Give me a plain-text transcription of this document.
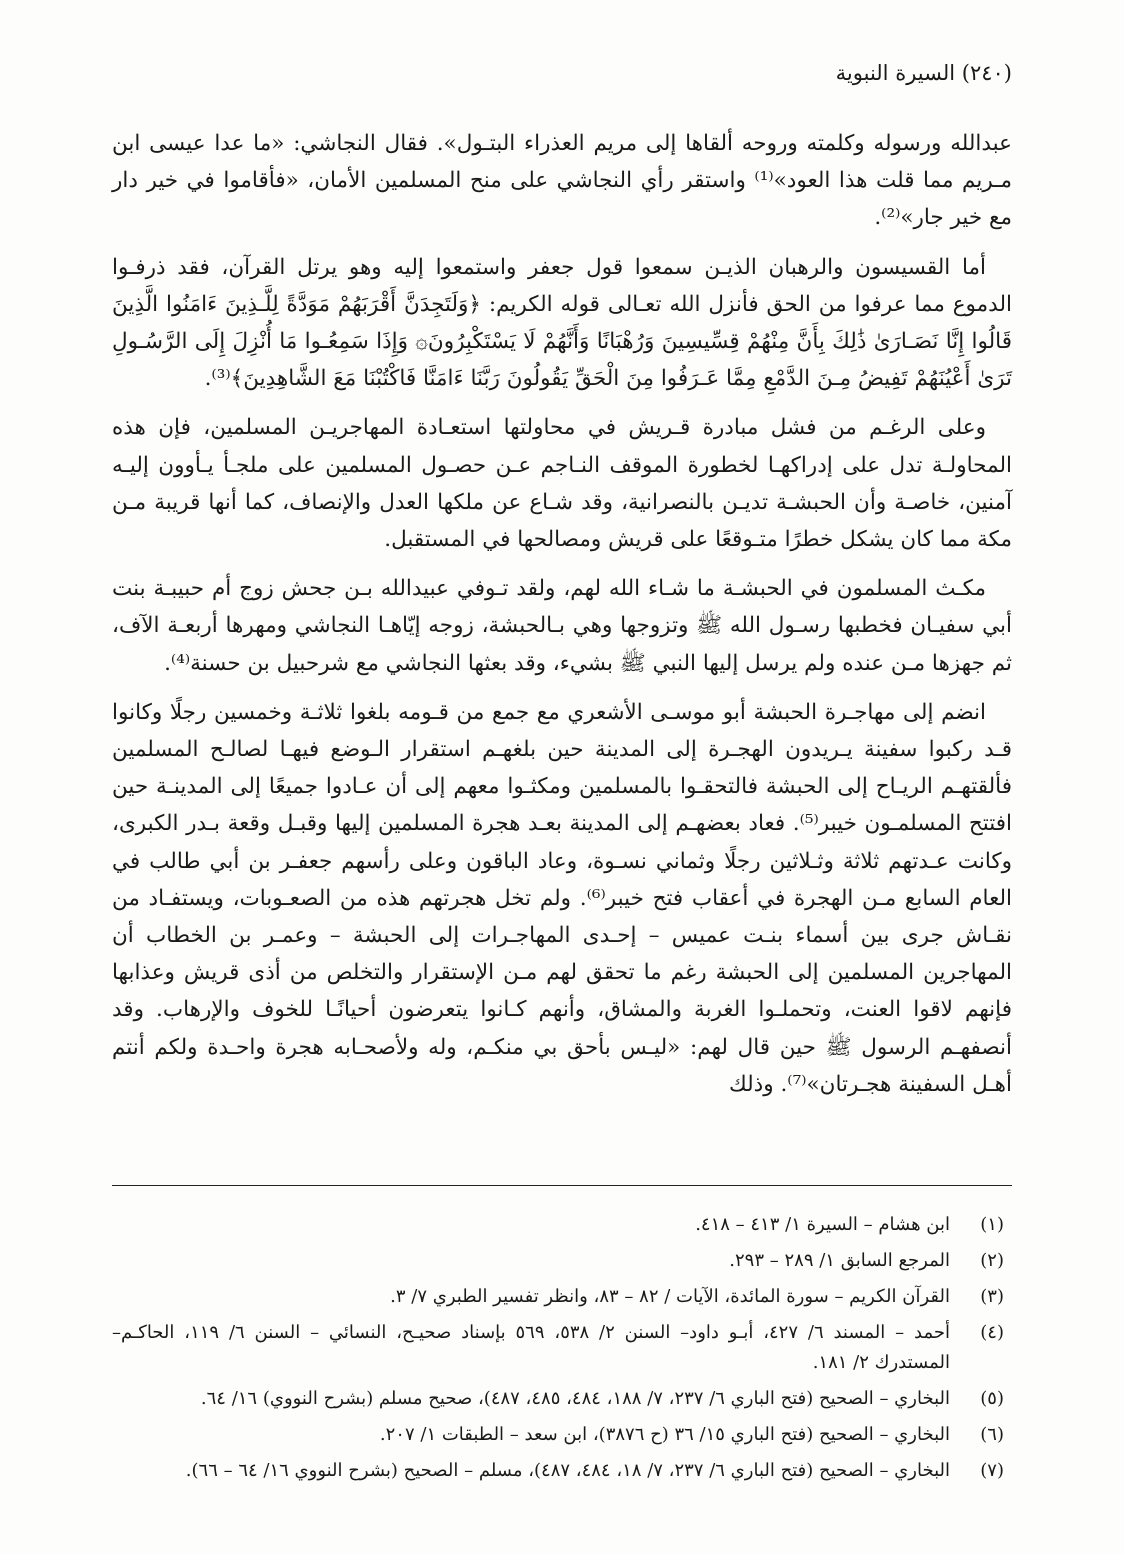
(٢٤٠) السيرة النبوية

عبدالله ورسوله وكلمته وروحه ألقاها إلى مريم العذراء البتـول». فقال النجاشي: «ما عدا عيسى ابن مـريم مما قلت هذا العود»⁽¹⁾ واستقر رأي النجاشي على منح المسلمين الأمان، «فأقاموا في خير دار مع خير جار»⁽²⁾.

أما القسيسون والرهبان الذيـن سمعوا قول جعفر واستمعوا إليه وهو يرتل القرآن، فقد ذرفـوا الدموع مما عرفوا من الحق فأنزل الله تعـالى قوله الكريم: ﴿وَلَتَجِدَنَّ أَقْرَبَهُمْ مَوَدَّةً لِلَّـذِينَ ءَامَنُوا الَّذِينَ قَالُوا إِنَّا نَصَـارَىٰ ذَٰلِكَ بِأَنَّ مِنْهُمْ قِسِّيسِينَ وَرُهْبَانًا وَأَنَّهُمْ لَا يَسْتَكْبِرُونَ۞ وَإِذَا سَمِعُـوا مَا أُنْزِلَ إِلَى الرَّسُـولِ تَرَىٰ أَعْيُنَهُمْ تَفِيضُ مِـنَ الدَّمْعِ مِمَّا عَـرَفُوا مِنَ الْحَقِّ يَقُولُونَ رَبَّنَا ءَامَنَّا فَاكْتُبْنَا مَعَ الشَّاهِدِينَ﴾⁽³⁾.

وعلى الرغـم من فشل مبادرة قـريش في محاولتها استعـادة المهاجريـن المسلمين، فإن هذه المحاولـة تدل على إدراكهـا لخطورة الموقف النـاجم عـن حصـول المسلمين على ملجـأ يـأوون إليـه آمنين، خاصـة وأن الحبشـة تديـن بالنصرانية، وقد شـاع عن ملكها العدل والإنصاف، كما أنها قريبة مـن مكة مما كان يشكل خطرًا متـوقعًا على قريش ومصالحها في المستقبل.

مكـث المسلمون في الحبشـة ما شـاء الله لهم، ولقد تـوفي عبيدالله بـن جحش زوج أم حبيبـة بنت أبي سفيـان فخطبها رسـول الله ﷺ وتزوجها وهي بـالحبشة، زوجه إيّاهـا النجاشي ومهرها أربعـة الآف، ثم جهزها مـن عنده ولم يرسل إليها النبي ﷺ بشيء، وقد بعثها النجاشي مع شرحبيل بن حسنة⁽⁴⁾.

انضم إلى مهاجـرة الحبشة أبو موسـى الأشعري مع جمع من قـومه بلغوا ثلاثـة وخمسين رجلًا وكانوا قـد ركبوا سفينة يـريدون الهجـرة إلى المدينة حين بلغهـم استقرار الـوضع فيهـا لصالـح المسلمين فألقتهـم الريـاح إلى الحبشة فالتحقـوا بالمسلمين ومكثـوا معهم إلى أن عـادوا جميعًا إلى المدينـة حين افتتح المسلمـون خيبر⁽⁵⁾. فعاد بعضهـم إلى المدينة بعـد هجرة المسلمين إليها وقبـل وقعة بـدر الكبرى، وكانت عـدتهم ثلاثة وثـلاثين رجلًا وثماني نسـوة، وعاد الباقون وعلى رأسهم جعفـر بن أبي طالب في العام السابع مـن الهجرة في أعقاب فتح خيبر⁽⁶⁾. ولم تخل هجرتهم هذه من الصعـوبات، ويستفـاد من نقـاش جرى بين أسماء بنـت عميس – إحـدى المهاجـرات إلى الحبشة – وعمـر بن الخطاب أن المهاجرين المسلمين إلى الحبشة رغم ما تحقق لهم مـن الإستقرار والتخلص من أذى قريش وعذابها فإنهم لاقوا العنت، وتحملـوا الغربة والمشاق، وأنهم كـانوا يتعرضون أحيانًـا للخوف والإرهاب. وقد أنصفهـم الرسول ﷺ حين قال لهم: «ليـس بأحق بي منكـم، وله ولأصحـابه هجرة واحـدة ولكم أنتم أهـل السفينة هجـرتان»⁽⁷⁾. وذلك

(١)
ابن هشام – السيرة ١/ ٤١٣ – ٤١٨.
(٢)
المرجع السابق ١/ ٢٨٩ – ٢٩٣.
(٣)
القرآن الكريم – سورة المائدة، الآيات / ٨٢ – ٨٣، وانظر تفسير الطبري ٧/ ٣.
(٤)
أحمد – المسند ٦/ ٤٢٧، أبـو داود– السنن ٢/ ٥٣٨، ٥٦٩ بإسناد صحيـح، النسائي – السنن ٦/ ١١٩، الحاكـم– المستدرك ٢/ ١٨١.
(٥)
البخاري – الصحيح (فتح الباري ٦/ ٢٣٧، ٧/ ١٨٨، ٤٨٤، ٤٨٥، ٤٨٧)، صحيح مسلم (بشرح النووي) ١٦/ ٦٤.
(٦)
البخاري – الصحيح (فتح الباري ١٥/ ٣٦ (ح ٣٨٧٦)، ابن سعد – الطبقات ١/ ٢٠٧.
(٧)
البخاري – الصحيح (فتح الباري ٦/ ٢٣٧، ٧/ ١٨، ٤٨٤، ٤٨٧)، مسلم – الصحيح (بشرح النووي ١٦/ ٦٤ – ٦٦).
